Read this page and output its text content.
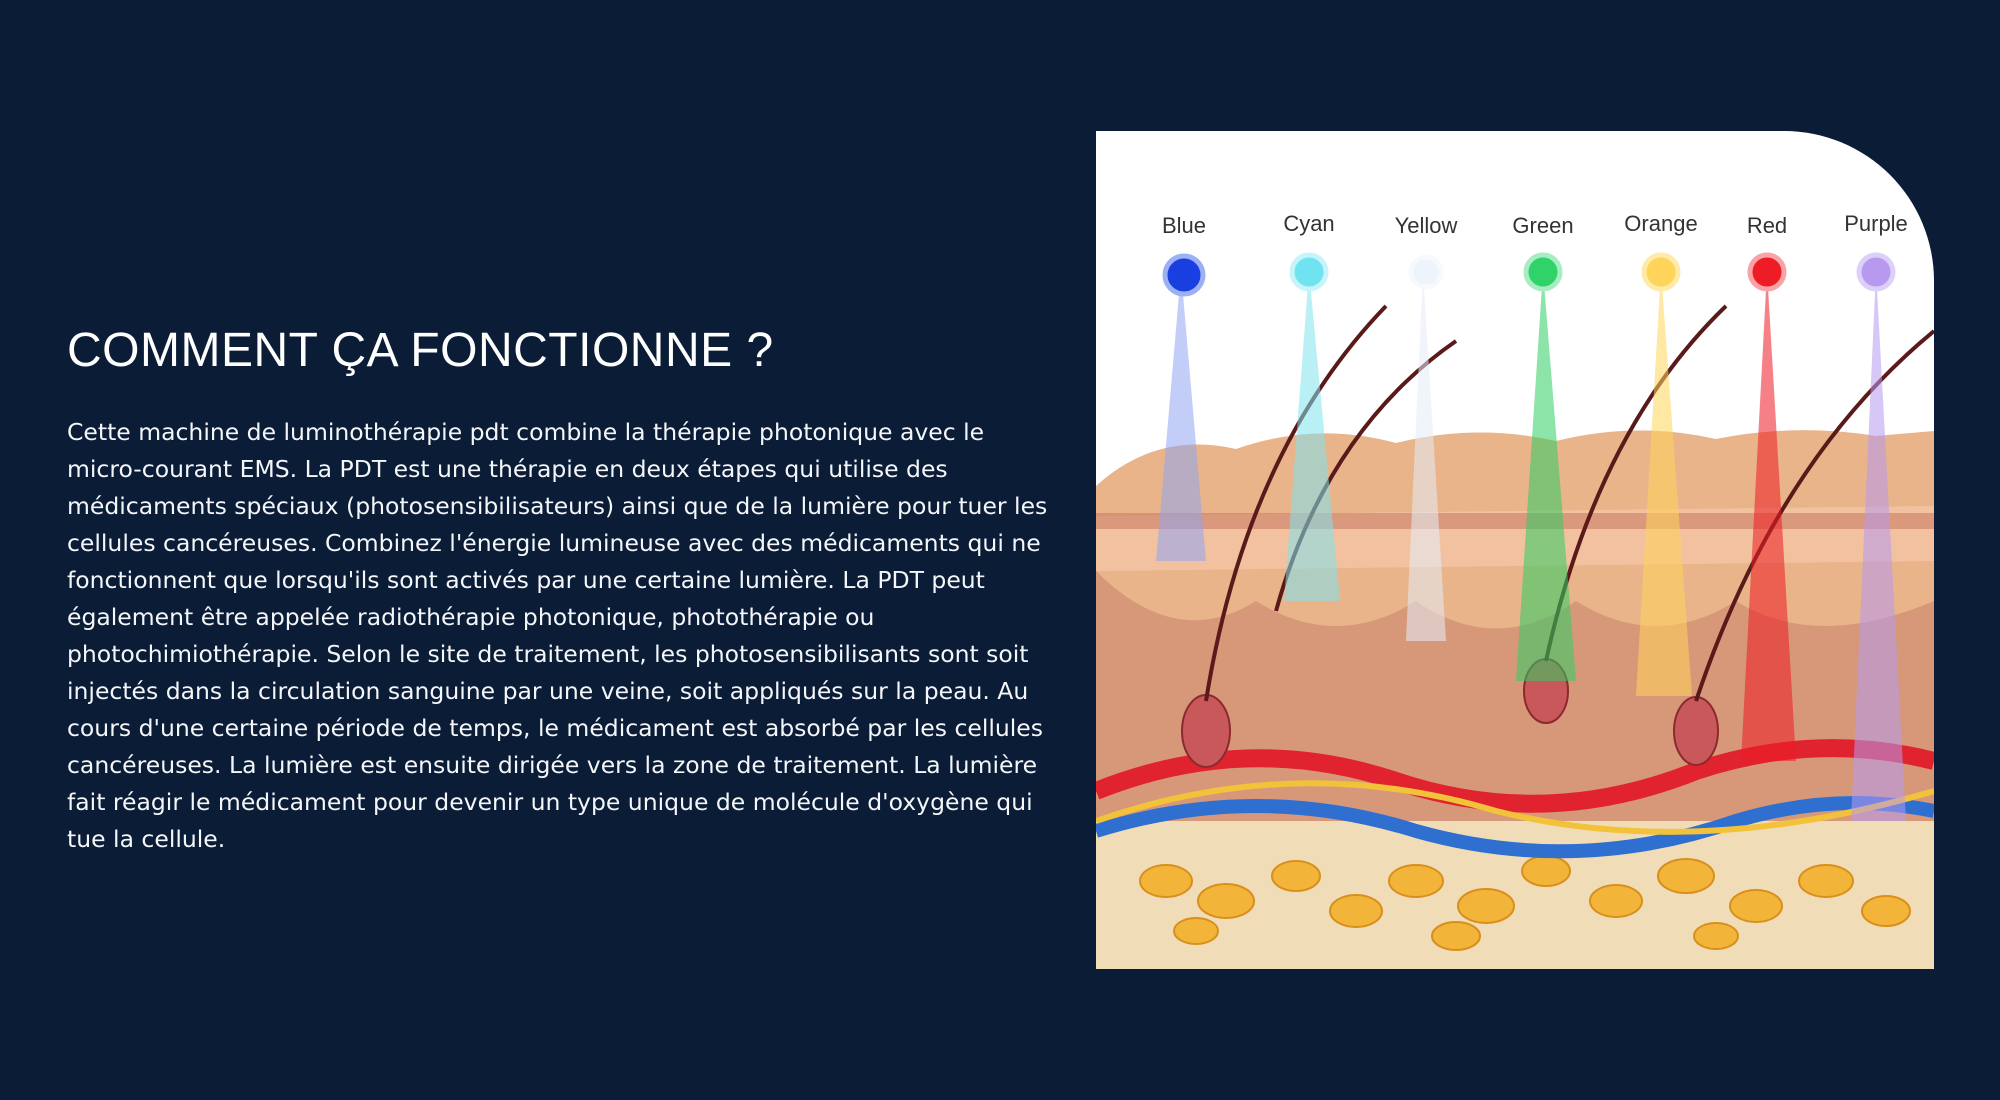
COMMENT ÇA FONCTIONNE ?

Cette machine de luminothérapie pdt combine la thérapie photonique avec le micro-courant EMS. La PDT est une thérapie en deux étapes qui utilise des médicaments spéciaux (photosensibilisateurs) ainsi que de la lumière pour tuer les cellules cancéreuses. Combinez l'énergie lumineuse avec des médicaments qui ne fonctionnent que lorsqu'ils sont activés par une certaine lumière. La PDT peut également être appelée radiothérapie photonique, photothérapie ou photochimiothérapie. Selon le site de traitement, les photosensibilisants sont soit injectés dans la circulation sanguine par une veine, soit appliqués sur la peau. Au cours d'une certaine période de temps, le médicament est absorbé par les cellules cancéreuses. La lumière est ensuite dirigée vers la zone de traitement. La lumière fait réagir le médicament pour devenir un type unique de molécule d'oxygène qui tue la cellule.

Blue	Cyan	Yellow	Green Orange Red	Purple
